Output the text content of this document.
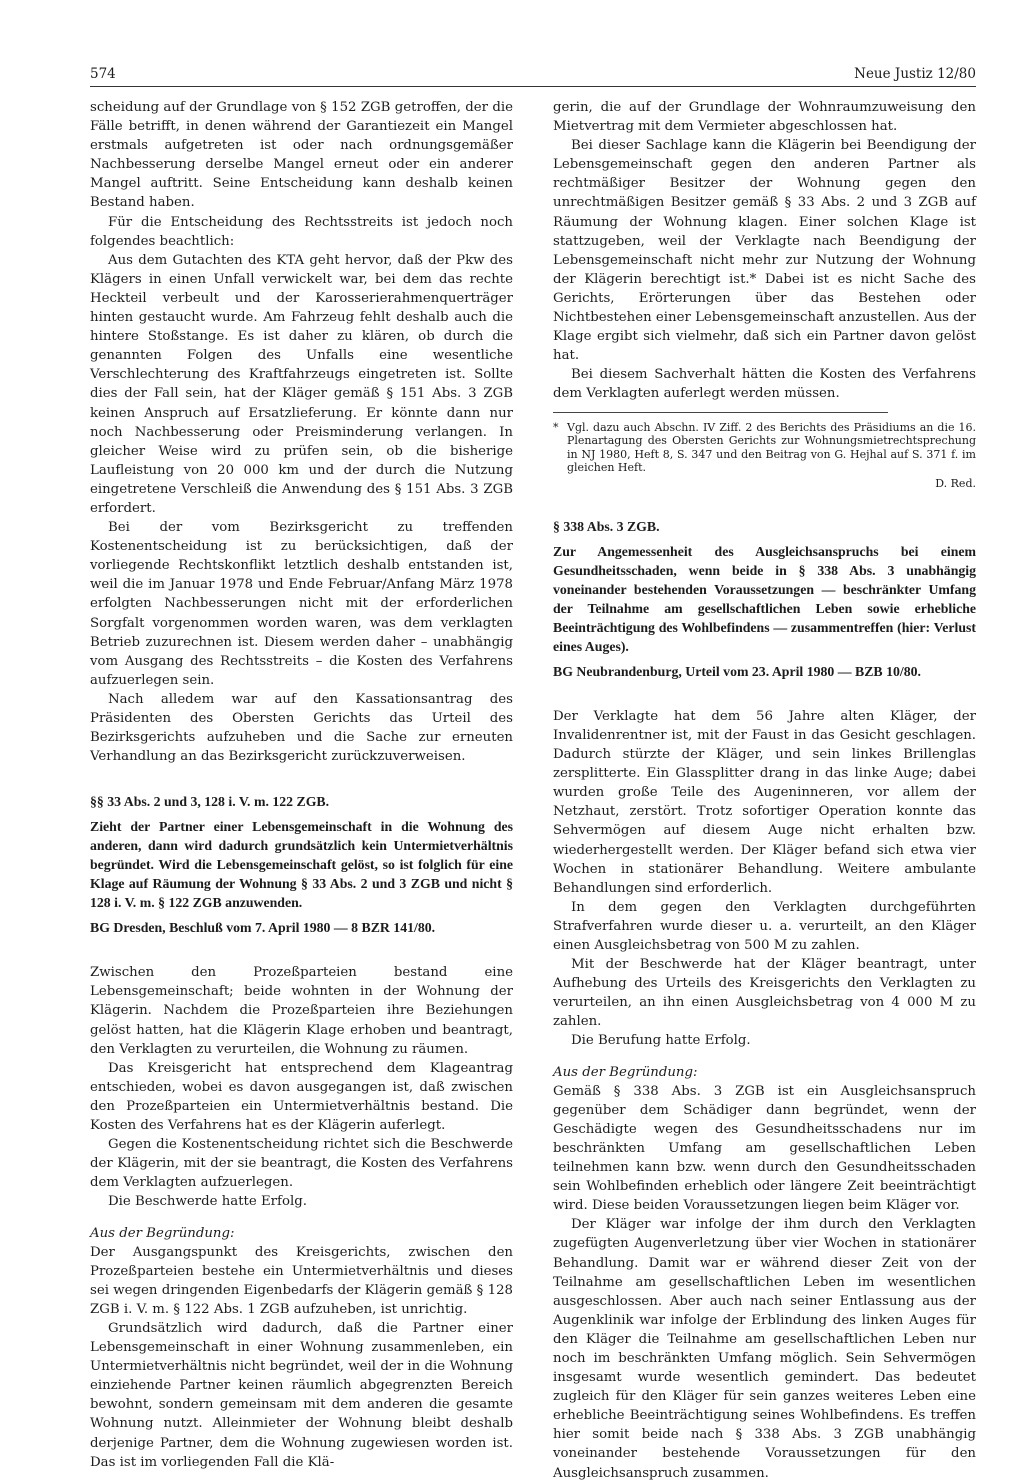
574	Neue Justiz 12/80

scheidung auf der Grundlage von § 152 ZGB getroffen, der die Fälle betrifft, in denen während der Garantiezeit ein Mangel erstmals aufgetreten ist oder nach ordnungsgemäßer Nachbesserung derselbe Mangel erneut oder ein anderer Mangel auftritt. Seine Entscheidung kann deshalb keinen Bestand haben.

Für die Entscheidung des Rechtsstreits ist jedoch noch folgendes beachtlich:

Aus dem Gutachten des KTA geht hervor, daß der Pkw des Klägers in einen Unfall verwickelt war, bei dem das rechte Heckteil verbeult und der Karosserierahmenquerträger hinten gestaucht wurde. Am Fahrzeug fehlt deshalb auch die hintere Stoßstange. Es ist daher zu klären, ob durch die genannten Folgen des Unfalls eine wesentliche Verschlechterung des Kraftfahrzeugs eingetreten ist. Sollte dies der Fall sein, hat der Kläger gemäß § 151 Abs. 3 ZGB keinen Anspruch auf Ersatzlieferung. Er könnte dann nur noch Nachbesserung oder Preisminderung verlangen. In gleicher Weise wird zu prüfen sein, ob die bisherige Laufleistung von 20 000 km und der durch die Nutzung eingetretene Verschleiß die Anwendung des § 151 Abs. 3 ZGB erfordert.

Bei der vom Bezirksgericht zu treffenden Kostenentscheidung ist zu berücksichtigen, daß der vorliegende Rechtskonflikt letztlich deshalb entstanden ist, weil die im Januar 1978 und Ende Februar/Anfang März 1978 erfolgten Nachbesserungen nicht mit der erforderlichen Sorgfalt vorgenommen worden waren, was dem verklagten Betrieb zuzurechnen ist. Diesem werden daher – unabhängig vom Ausgang des Rechtsstreits – die Kosten des Verfahrens aufzuerlegen sein.

Nach alledem war auf den Kassationsantrag des Präsidenten des Obersten Gerichts das Urteil des Bezirksgerichts aufzuheben und die Sache zur erneuten Verhandlung an das Bezirksgericht zurückzuverweisen.

§§ 33 Abs. 2 und 3, 128 i. V. m. 122 ZGB.
Zieht der Partner einer Lebensgemeinschaft in die Wohnung des anderen, dann wird dadurch grundsätzlich kein Untermietverhältnis begründet. Wird die Lebensgemeinschaft gelöst, so ist folglich für eine Klage auf Räumung der Wohnung § 33 Abs. 2 und 3 ZGB und nicht § 128 i. V. m. § 122 ZGB anzuwenden.
BG Dresden, Beschluß vom 7. April 1980 — 8 BZR 141/80.

Zwischen den Prozeßparteien bestand eine Lebensgemeinschaft; beide wohnten in der Wohnung der Klägerin. Nachdem die Prozeßparteien ihre Beziehungen gelöst hatten, hat die Klägerin Klage erhoben und beantragt, den Verklagten zu verurteilen, die Wohnung zu räumen.

Das Kreisgericht hat entsprechend dem Klageantrag entschieden, wobei es davon ausgegangen ist, daß zwischen den Prozeßparteien ein Untermietverhältnis bestand. Die Kosten des Verfahrens hat es der Klägerin auferlegt.

Gegen die Kostenentscheidung richtet sich die Beschwerde der Klägerin, mit der sie beantragt, die Kosten des Verfahrens dem Verklagten aufzuerlegen.

Die Beschwerde hatte Erfolg.

Aus der Begründung:

Der Ausgangspunkt des Kreisgerichts, zwischen den Prozeßparteien bestehe ein Untermietverhältnis und dieses sei wegen dringenden Eigenbedarfs der Klägerin gemäß § 128 ZGB i. V. m. § 122 Abs. 1 ZGB aufzuheben, ist unrichtig.

Grundsätzlich wird dadurch, daß die Partner einer Lebensgemeinschaft in einer Wohnung zusammenleben, ein Untermietverhältnis nicht begründet, weil der in die Wohnung einziehende Partner keinen räumlich abgegrenzten Bereich bewohnt, sondern gemeinsam mit dem anderen die gesamte Wohnung nutzt. Alleinmieter der Wohnung bleibt deshalb derjenige Partner, dem die Wohnung zugewiesen worden ist. Das ist im vorliegenden Fall die Klä-

gerin, die auf der Grundlage der Wohnraumzuweisung den Mietvertrag mit dem Vermieter abgeschlossen hat.

Bei dieser Sachlage kann die Klägerin bei Beendigung der Lebensgemeinschaft gegen den anderen Partner als rechtmäßiger Besitzer der Wohnung gegen den unrechtmäßigen Besitzer gemäß § 33 Abs. 2 und 3 ZGB auf Räumung der Wohnung klagen. Einer solchen Klage ist stattzugeben, weil der Verklagte nach Beendigung der Lebensgemeinschaft nicht mehr zur Nutzung der Wohnung der Klägerin berechtigt ist.* Dabei ist es nicht Sache des Gerichts, Erörterungen über das Bestehen oder Nichtbestehen einer Lebensgemeinschaft anzustellen. Aus der Klage ergibt sich vielmehr, daß sich ein Partner davon gelöst hat.

Bei diesem Sachverhalt hätten die Kosten des Verfahrens dem Verklagten auferlegt werden müssen.

* Vgl. dazu auch Abschn. IV Ziff. 2 des Berichts des Präsidiums an die 16. Plenartagung des Obersten Gerichts zur Wohnungsmietrechtsprechung in NJ 1980, Heft 8, S. 347 und den Beitrag von G. Hejhal auf S. 371 f. im gleichen Heft.
D. Red.
§ 338 Abs. 3 ZGB.
Zur Angemessenheit des Ausgleichsanspruchs bei einem Gesundheitsschaden, wenn beide in § 338 Abs. 3 unabhängig voneinander bestehenden Voraussetzungen — beschränkter Umfang der Teilnahme am gesellschaftlichen Leben sowie erhebliche Beeinträchtigung des Wohlbefindens — zusammentreffen (hier: Verlust eines Auges).
BG Neubrandenburg, Urteil vom 23. April 1980 — BZB 10/80.

Der Verklagte hat dem 56 Jahre alten Kläger, der Invalidenrentner ist, mit der Faust in das Gesicht geschlagen. Dadurch stürzte der Kläger, und sein linkes Brillenglas zersplitterte. Ein Glassplitter drang in das linke Auge; dabei wurden große Teile des Augeninneren, vor allem der Netzhaut, zerstört. Trotz sofortiger Operation konnte das Sehvermögen auf diesem Auge nicht erhalten bzw. wiederhergestellt werden. Der Kläger befand sich etwa vier Wochen in stationärer Behandlung. Weitere ambulante Behandlungen sind erforderlich.

In dem gegen den Verklagten durchgeführten Strafverfahren wurde dieser u. a. verurteilt, an den Kläger einen Ausgleichsbetrag von 500 M zu zahlen.

Mit der Beschwerde hat der Kläger beantragt, unter Aufhebung des Urteils des Kreisgerichts den Verklagten zu verurteilen, an ihn einen Ausgleichsbetrag von 4 000 M zu zahlen.

Die Berufung hatte Erfolg.

Aus der Begründung:

Gemäß § 338 Abs. 3 ZGB ist ein Ausgleichsanspruch gegenüber dem Schädiger dann begründet, wenn der Geschädigte wegen des Gesundheitsschadens nur im beschränkten Umfang am gesellschaftlichen Leben teilnehmen kann bzw. wenn durch den Gesundheitsschaden sein Wohlbefinden erheblich oder längere Zeit beeinträchtigt wird. Diese beiden Voraussetzungen liegen beim Kläger vor.

Der Kläger war infolge der ihm durch den Verklagten zugefügten Augenverletzung über vier Wochen in stationärer Behandlung. Damit war er während dieser Zeit von der Teilnahme am gesellschaftlichen Leben im wesentlichen ausgeschlossen. Aber auch nach seiner Entlassung aus der Augenklinik war infolge der Erblindung des linken Auges für den Kläger die Teilnahme am gesellschaftlichen Leben nur noch im beschränkten Umfang möglich. Sein Sehvermögen insgesamt wurde wesentlich gemindert. Das bedeutet zugleich für den Kläger für sein ganzes weiteres Leben eine erhebliche Beeinträchtigung seines Wohlbefindens. Es treffen hier somit beide nach § 338 Abs. 3 ZGB unabhängig voneinander bestehende Voraussetzungen für den Ausgleichsanspruch zusammen.
